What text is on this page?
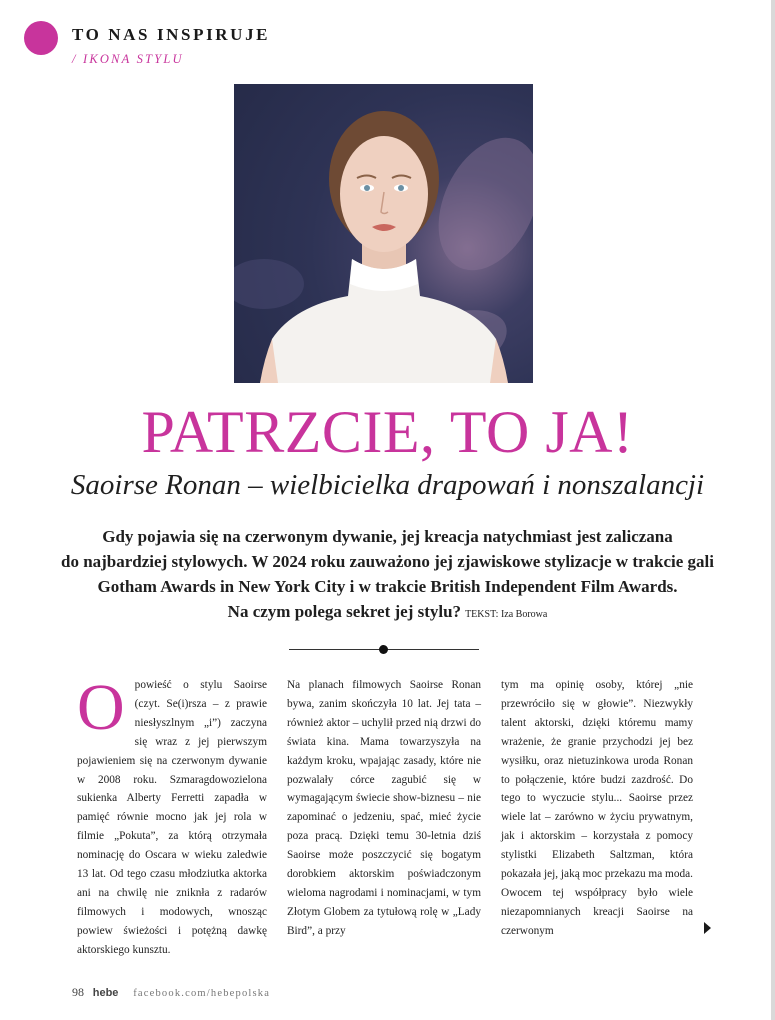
TO NAS INSPIRUJE
/ IKONA STYLU
PATRZCIE, TO JA!
Saoirse Ronan – wielbicielka drapowań i nonszalancji

Gdy pojawia się na czerwonym dywanie, jej kreacja natychmiast jest zaliczana

do najbardziej stylowych. W 2024 roku zauważono jej zjawiskowe stylizacje w trakcie gali

Gotham Awards in New York City i w trakcie British Independent Film Awards.

Na czym polega sekret jej stylu? TEKST: Iza Borowa

Opowieść o stylu Saoirse (czyt. Se(i)rsza – z prawie niesłyszlnym „i”) zaczyna się wraz z jej pierwszym pojawieniem się na czerwonym dywanie w 2008 roku. Szmaragdowozielona sukienka Alberty Ferretti zapadła w pamięć równie mocno jak jej rola w filmie „Pokuta”, za którą otrzymała nominację do Oscara w wieku zaledwie 13 lat. Od tego czasu młodziutka aktorka ani na chwilę nie zniknła z radarów filmowych i modowych, wnosząc powiew świeżości i potężną dawkę aktorskiego kunsztu.

Na planach filmowych Saoirse Ronan bywa, zanim skończyła 10 lat. Jej tata – również aktor – uchylił przed nią drzwi do świata kina. Mama towarzyszyła na każdym kroku, wpajając zasady, które nie pozwalały córce zagubić się w wymagającym świecie show-biznesu – nie zapominać o jedzeniu, spać, mieć życie poza pracą. Dzięki temu 30-letnia dziś Saoirse może poszczycić się bogatym dorobkiem aktorskim poświadczonym wieloma nagrodami i nominacjami, w tym Złotym Globem za tytułową rolę w „Lady Bird”, a przy

tym ma opinię osoby, której „nie przewróciło się w głowie”. Niezwykły talent aktorski, dzięki któremu mamy wrażenie, że granie przychodzi jej bez wysiłku, oraz nietuzinkowa uroda Ronan to połączenie, które budzi zazdrość. Do tego to wyczucie stylu... Saoirse przez wiele lat – zarówno w życiu prywatnym, jak i aktorskim – korzystała z pomocy stylistki Elizabeth Saltzman, która pokazała jej, jaką moc przekazu ma moda. Owocem tej współpracy było wiele niezapomnianych kreacji Saoirse na czerwonym

98 hebe facebook.com/hebepolska
